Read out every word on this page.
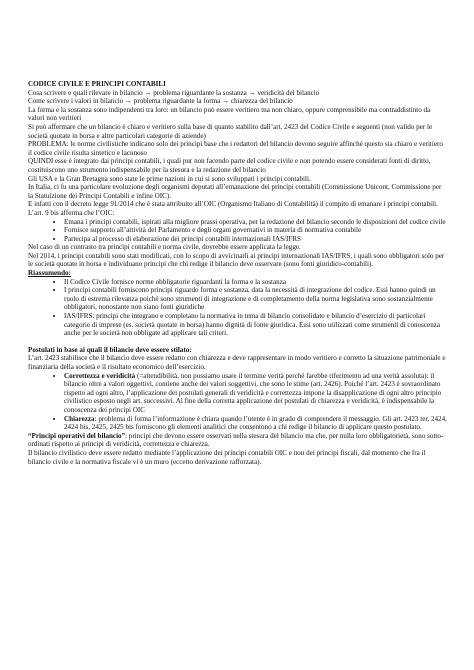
CODICE CIVILE E PRINCIPI CONTABILI

Cosa scrivere e quali rilevare in bilancio → problema riguardante la sostanza → veridicità del bilancio

Come scrivere i valori in bilancio → problema riguardante la forma → chiarezza del bilancio

La forma e la sostanza sono indipendenti tra loro: un bilancio può essere veritiero ma non chiaro, oppure comprensibile ma contraddistinto da valori non veritieri

Si può affermare che un bilancio è chiaro e veritiero sulla base di quanto stabilito dall’art. 2423 del Codice Civile e seguenti (non valido per le società quotate in borsa e altre particolari categorie di aziende)

PROBLEMA: le norme civilistiche indicano solo dei principi base che i redattori del bilancio devono seguire affinché questo sia chiaro e veritiero il codice civile risulta sintetico e lacunoso

QUINDI esse è integrato dai principi contabili, i quali pur non facendo parte del codice civile e non potendo essere considerati fonti di diritto, costituiscono uno strumento indispensabile per la stesura e la redazione del bilancio

Gli USA e la Gran Bretagna sono state le prime nazioni in cui si sono sviluppati i principi contabili.

In Italia, ci fu una particolare evoluzione degli organismi deputati all’emanazione dei principi contabili (Commissione Unicont, Commissione per la Statuizione dei Principi Contabili e infine OIC).

E infatti con il decreto legge 91/2014 che è stata attribuito all’OIC (Organismo Italiano di Contabilità) il compito di emanare i principi contabili. L’art. 9 bis afferma che l’OIC:

• Emana i principi contabili, ispirati alla migliore prassi operativa, per la redazione del bilancio secondo le disposizioni del codice civile
• Fornisce supporto all’attività del Parlamento e degli organi governativi in materia di normativa contabile
• Partecipa al processo di elaborazione dei principi contabili internazionali IAS/IFRS

Nel caso di un contrasto tra principi contabili e norma civile, dovrebbe essere applicata la legge.

Nel 2014, i principi contabili sono stati modificati, con lo scopo di avvicinarli ai principi internazionali IAS/IFRS, i quali sono obbligatori solo per le società quotate in borsa e individuano principi che chi redige il bilancio deve osservare (sono fonti giuridico-contabili).

Riassumendo:

• Il Codice Civile fornisce norme obbligatorie riguardanti la forma e la sostanza
• I principi contabili forniscono principi riguardo forma e sostanza, data la necessità di integrazione del codice. Essi hanno quindi un ruolo di estrema rilevanza poiché sono strumenti di integrazione e di completamento della norma legislativa sono sostanzialmente obbligatori, nonostante non siano fonti giuridiche
• IAS/IFRS: principi che integrano e completano la normativa in tema di bilancio consolidato e bilancio d’esercizio di particolari categorie di imprese (es. società quotate in borsa) hanno dignità di fonte giuridica. Essi sono utilizzati come strumenti di conoscenza anche per le società non obbligate ad applicare tali criteri.

Postulati in base ai quali il bilancio deve essere stilato:

L’art. 2423 stabilisce che il bilancio deve essere redatto con chiarezza e deve rappresentare in modo veritiero e corretto la situazione patrimoniale e finanziaria della società e il risultato economico dell’esercizio.

• Correttezza e veridicità (=attendibilità, non possiamo usare il termine verità perché farebbe riferimento ad una verità assoluta): il bilancio oltre a valori oggettivi, contiene anche dei valori soggettivi, che sono le stime (art. 2426). Poiché l’art. 2423 è sovraordinato rispetto ad ogni altro, l’applicazione dei postulati generali di veridicità e correttezza impone la disapplicazione di ogni altro principio civilistico esposto negli art. successivi. Al fine della corretta applicazione dei postulati di chiarezza e veridicità, è indispensabile la conoscenza dei principi OIC
• Chiarezza: problema di forma l’informazione è chiara quando l’utente è in grado di comprendere il messaggio. Gli art. 2423 ter, 2424, 2424 bis, 2425, 2425 bis forniscono gli elementi analitici che consentono a chi redige il bilancio di applicare questo postulato.

“Principi operativi del bilancio”: principi che devono essere osservati nella stesura del bilancio ma che, per nulla loro obbligatorietà, sono sotto-ordinati rispetto ai principi di veridicità, correttezza e chiarezza.

Il bilancio civilistico deve essere redatto mediante l’applicazione dei principi contabili OIC e non dei principi fiscali, dal momento che fra il bilancio civile e la normativa fiscale vi è un muro (eccetto derivazione rafforzata).
